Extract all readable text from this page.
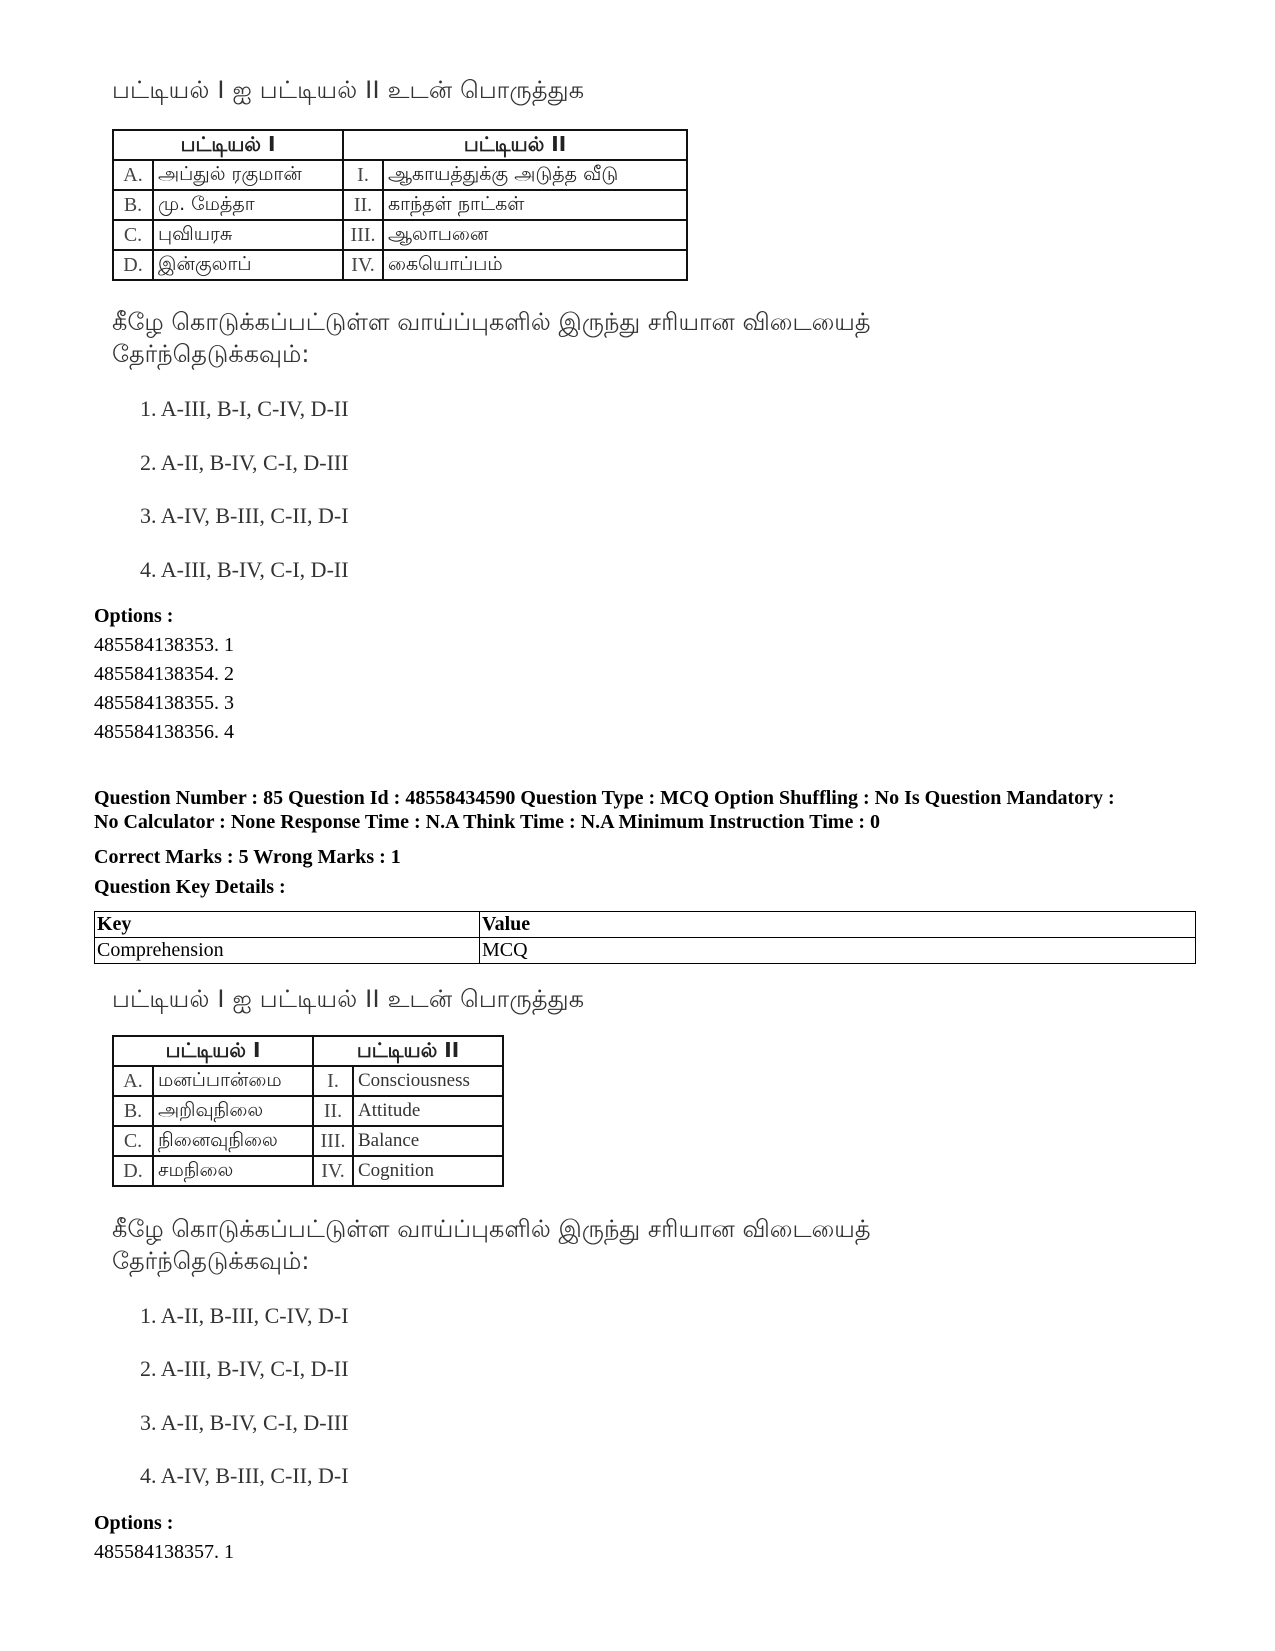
பட்டியல் I ஐ பட்டியல் II உடன் பொருத்துக
பட்டியல் I		பட்டியல் II	
A.	அப்துல் ரகுமான்	I.	ஆகாயத்துக்கு அடுத்த வீடு
B.	மு. மேத்தா	II.	காந்தள் நாட்கள்
C.	புவியரசு	III.	ஆலாபனை
D.	இன்குலாப்	IV.	கையொப்பம்
கீழே கொடுக்கப்பட்டுள்ள வாய்ப்புகளில் இருந்து சரியான விடையைத் தேர்ந்தெடுக்கவும்:
1. A-III, B-I, C-IV, D-II
2. A-II, B-IV, C-I, D-III
3. A-IV, B-III, C-II, D-I
4. A-III, B-IV, C-I, D-II
Options :
485584138353. 1
485584138354. 2
485584138355. 3
485584138356. 4
Question Number : 85 Question Id : 48558434590 Question Type : MCQ Option Shuffling : No Is Question Mandatory :
No Calculator : None Response Time : N.A Think Time : N.A Minimum Instruction Time : 0
Correct Marks : 5 Wrong Marks : 1
Question Key Details :
Key	Value
Comprehension	MCQ
பட்டியல் I ஐ பட்டியல் II உடன் பொருத்துக
பட்டியல் I		பட்டியல் II	
A.	மனப்பான்மை	I.	Consciousness
B.	அறிவுநிலை	II.	Attitude
C.	நினைவுநிலை	III.	Balance
D.	சமநிலை	IV.	Cognition
கீழே கொடுக்கப்பட்டுள்ள வாய்ப்புகளில் இருந்து சரியான விடையைத் தேர்ந்தெடுக்கவும்:
1. A-II, B-III, C-IV, D-I
2. A-III, B-IV, C-I, D-II
3. A-II, B-IV, C-I, D-III
4. A-IV, B-III, C-II, D-I
Options :
485584138357. 1
